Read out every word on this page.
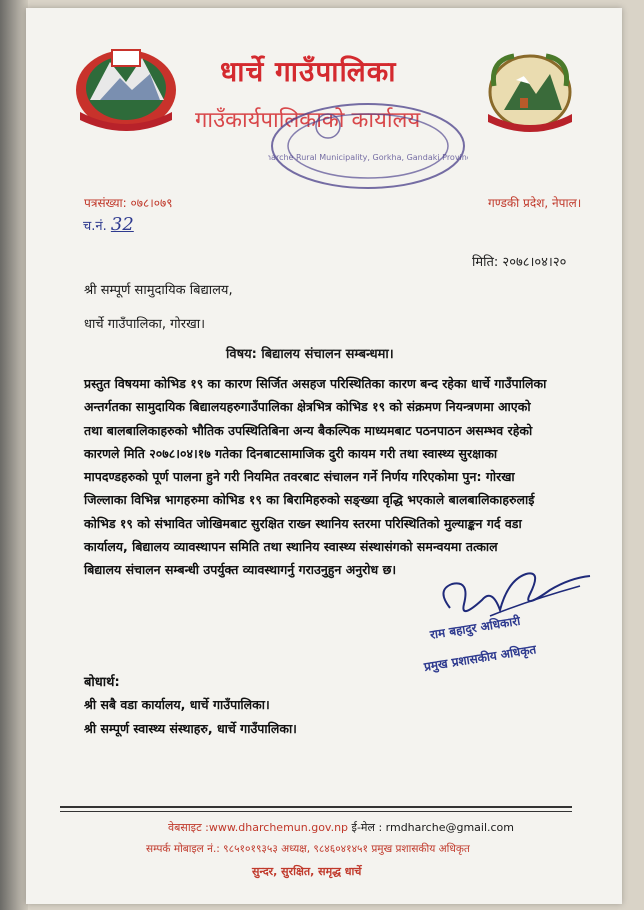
धार्चे गाउँपालिका
गाउँकार्यपालिकाको कार्यालय
Dharche Rural Municipality, Gorkha, Gandaki Province
पत्रसंख्या: ०७८।०७९	गण्डकी प्रदेश, नेपाल।
च.नं. 32
मिति: २०७८।०४।२०
श्री सम्पूर्ण सामुदायिक बिद्यालय,
धार्चे गाउँपालिका, गोरखा।
विषय: बिद्यालय संचालन सम्बन्धमा।
प्रस्तुत विषयमा कोभिड १९ का कारण सिर्जित असहज परिस्थितिका कारण बन्द रहेका धार्चे गाउँपालिका
अन्तर्गतका सामुदायिक बिद्यालयहरुगाउँपालिका क्षेत्रभित्र कोभिड १९ को संक्रमण नियन्त्रणमा आएको
तथा बालबालिकाहरुको भौतिक उपस्थितिबिना अन्य बैकल्पिक माध्यमबाट पठनपाठन असम्भव रहेको
कारणले मिति २०७८।०४।१७ गतेका दिनबाटसामाजिक दुरी कायम गरी तथा स्वास्थ्य सुरक्षाका
मापदण्डहरुको पूर्ण पालना हुने गरी नियमित तवरबाट संचालन गर्ने निर्णय गरिएकोमा पुन: गोरखा
जिल्लाका विभिन्न भागहरुमा कोभिड १९ का बिरामिहरुको सङ्ख्या वृद्धि भएकाले बालबालिकाहरुलाई
कोभिड १९ को संभावित जोखिमबाट सुरक्षित राख्न स्थानिय स्तरमा परिस्थितिको मुल्याङ्कन गर्द वडा
कार्यालय, बिद्यालय व्यावस्थापन समिति तथा स्थानिय स्वास्थ्य संस्थासंगको समन्वयमा तत्काल
बिद्यालय संचालन सम्बन्धी उपर्युक्त व्यावस्थागर्नु गराउनुहुन अनुरोध छ।
राम बहादुर अधिकारी
प्रमुख प्रशासकीय अधिकृत
बोधार्थ:
श्री सबै वडा कार्यालय, धार्चे गाउँपालिका।
श्री सम्पूर्ण स्वास्थ्य संस्थाहरु, धार्चे गाउँपालिका।
वेबसाइट :www.dharchemun.gov.np ई-मेल : rmdharche@gmail.com
सम्पर्क मोबाइल नं.: ९८५१०१९३५३ अध्यक्ष, ९८४६०४१४५१ प्रमुख प्रशासकीय अधिकृत
सुन्दर, सुरक्षित, समृद्ध धार्चे
